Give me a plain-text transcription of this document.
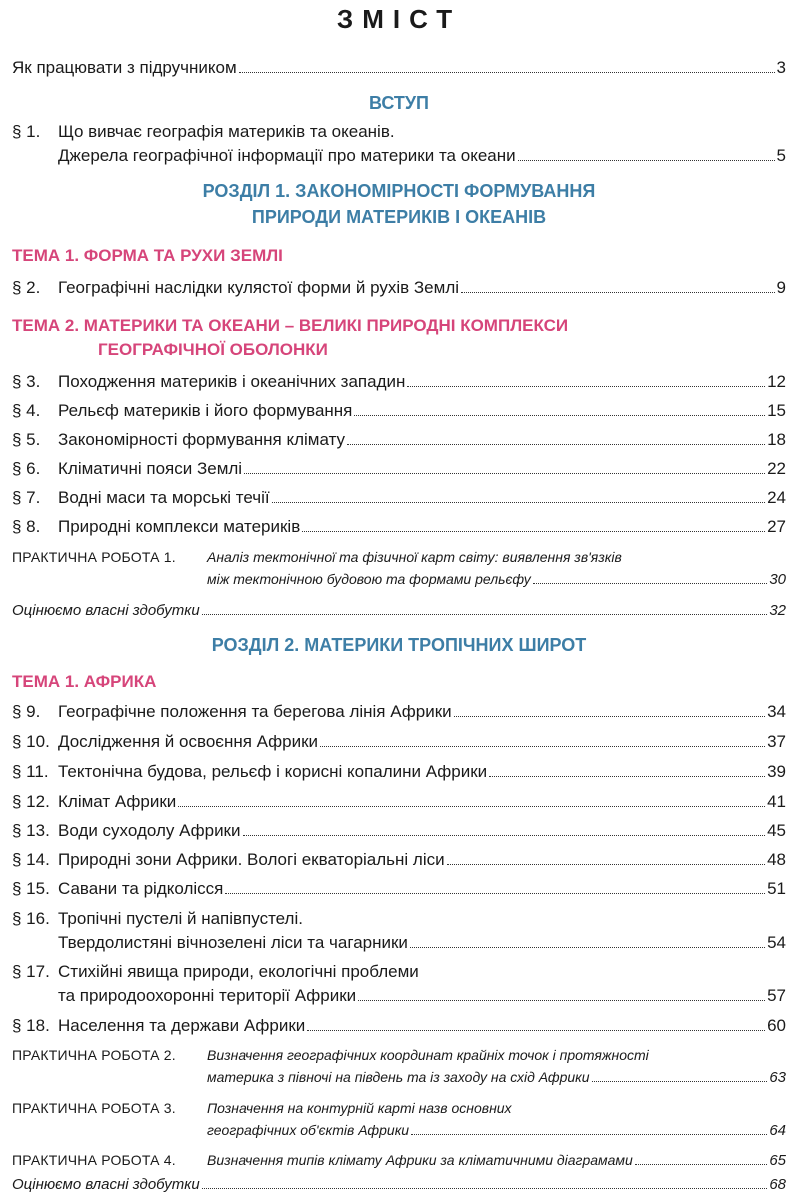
ЗМІСТ
Як працювати з підручником	3
ВСТУП
§ 1.	Що вивчає географія материків та океанів.
Джерела географічної інформації про материки та океани	5
РОЗДІЛ 1. ЗАКОНОМІРНОСТІ ФОРМУВАННЯ
ПРИРОДИ МАТЕРИКІВ І ОКЕАНІВ
ТЕМА 1. ФОРМА ТА РУХИ ЗЕМЛІ
§ 2.	Географічні наслідки кулястої форми й рухів Землі	9
ТЕМА 2. МАТЕРИКИ ТА ОКЕАНИ – ВЕЛИКІ ПРИРОДНІ КОМПЛЕКСИ
ГЕОГРАФІЧНОЇ ОБОЛОНКИ
§ 3.	Походження материків і океанічних западин	12
§ 4.	Рельєф материків і його формування	15
§ 5.	Закономірності формування клімату	18
§ 6.	Кліматичні пояси Землі	22
§ 7.	Водні маси та морські течії	24
§ 8.	Природні комплекси материків	27
ПРАКТИЧНА РОБОТА 1.	Аналіз тектонічної та фізичної карт світу: виявлення зв'язків
між тектонічною будовою та формами рельєфу	30
Оцінюємо власні здобутки	32
РОЗДІЛ 2. МАТЕРИКИ ТРОПІЧНИХ ШИРОТ
ТЕМА 1. АФРИКА
§ 9.	Географічне положення та берегова лінія Африки	34
§ 10. Дослідження й освоєння Африки	37
§ 11. Тектонічна будова, рельєф і корисні копалини Африки	39
§ 12. Клімат Африки	41
§ 13. Води суходолу Африки	45
§ 14. Природні зони Африки. Вологі екваторіальні ліси	48
§ 15. Савани та рідколісся	51
§ 16. Тропічні пустелі й напівпустелі.
Твердолистяні вічнозелені ліси та чагарники	54
§ 17. Стихійні явища природи, екологічні проблеми
та природоохоронні території Африки	57
§ 18. Населення та держави Африки	60
ПРАКТИЧНА РОБОТА 2.	Визначення географічних координат крайніх точок і протяжності
материка з півночі на південь та із заходу на схід Африки	63
ПРАКТИЧНА РОБОТА 3.	Позначення на контурній карті назв основних
географічних об'єктів Африки	64
ПРАКТИЧНА РОБОТА 4.	Визначення типів клімату Африки за кліматичними діаграмами	65
Оцінюємо власні здобутки	68
